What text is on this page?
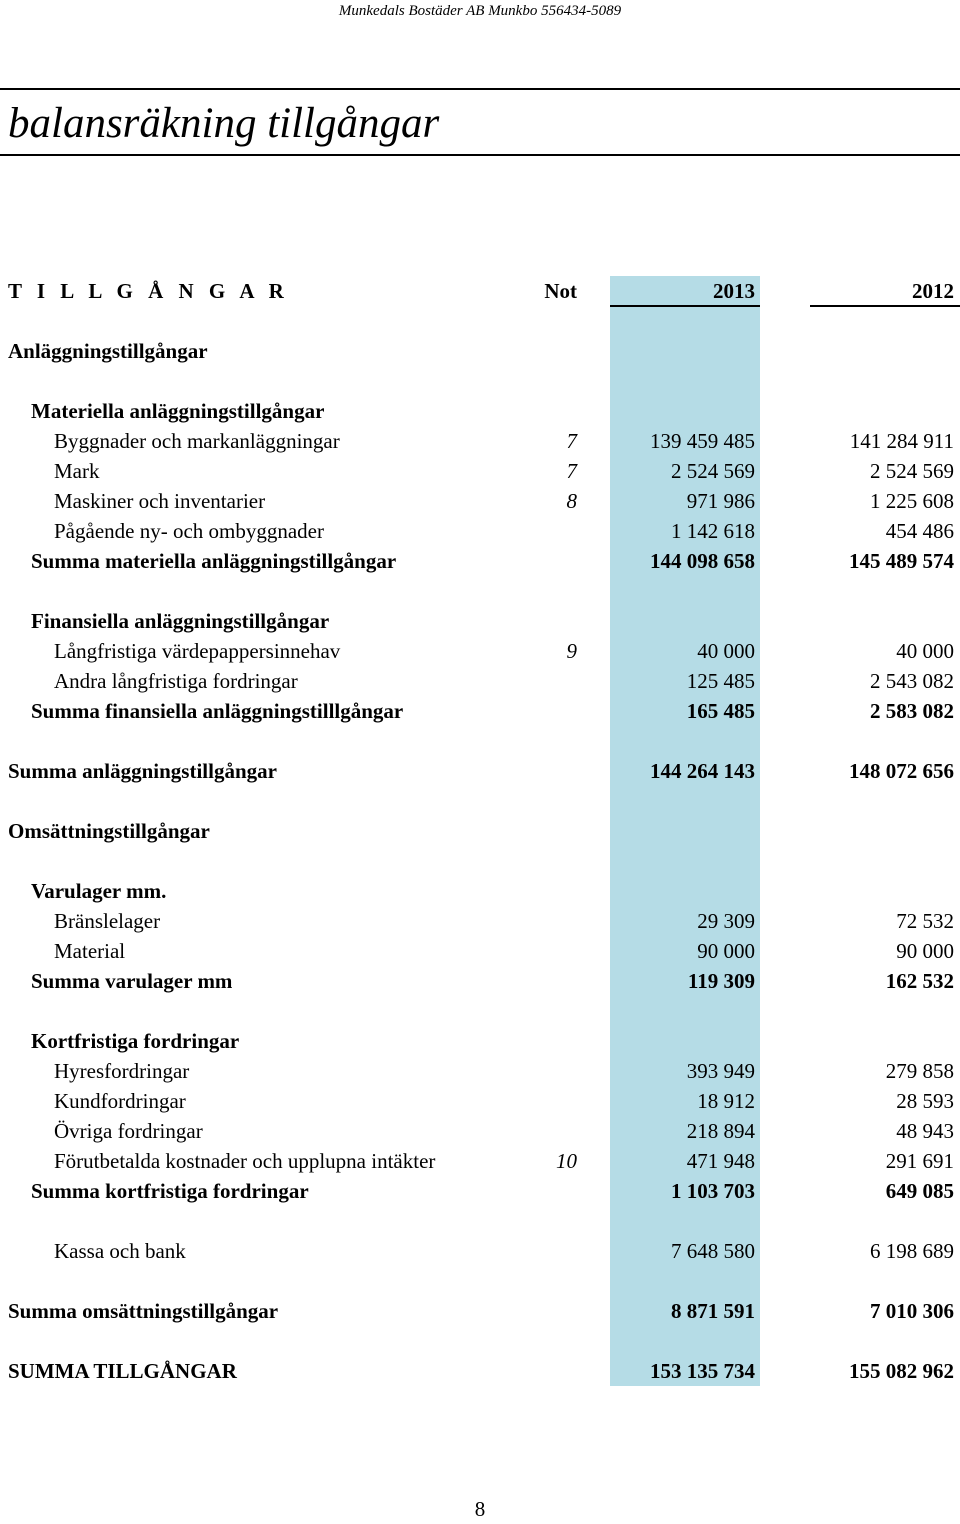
Munkedals Bostäder AB Munkbo 556434-5089
balansräkning tillgångar
T I L L G Å N G A R	Not	2013	2012
Anläggningstillgångar
Materiella anläggningstillgångar
Byggnader och markanläggningar	7	139 459 485	141 284 911
Mark	7	2 524 569	2 524 569
Maskiner och inventarier	8	971 986	1 225 608
Pågående ny- och ombyggnader	1 142 618	454 486
Summa materiella anläggningstillgångar	144 098 658	145 489 574
Finansiella anläggningstillgångar
Långfristiga värdepappersinnehav	9	40 000	40 000
Andra långfristiga fordringar	125 485	2 543 082
Summa finansiella anläggningstilllgångar	165 485	2 583 082
Summa anläggningstillgångar	144 264 143	148 072 656
Omsättningstillgångar
Varulager mm.
Bränslelager	29 309	72 532
Material	90 000	90 000
Summa varulager mm	119 309	162 532
Kortfristiga fordringar
Hyresfordringar	393 949	279 858
Kundfordringar	18 912	28 593
Övriga fordringar	218 894	48 943
Förutbetalda kostnader och upplupna intäkter	10	471 948	291 691
Summa kortfristiga fordringar	1 103 703	649 085
Kassa och bank	7 648 580	6 198 689
Summa omsättningstillgångar	8 871 591	7 010 306
SUMMA TILLGÅNGAR	153 135 734	155 082 962
8
